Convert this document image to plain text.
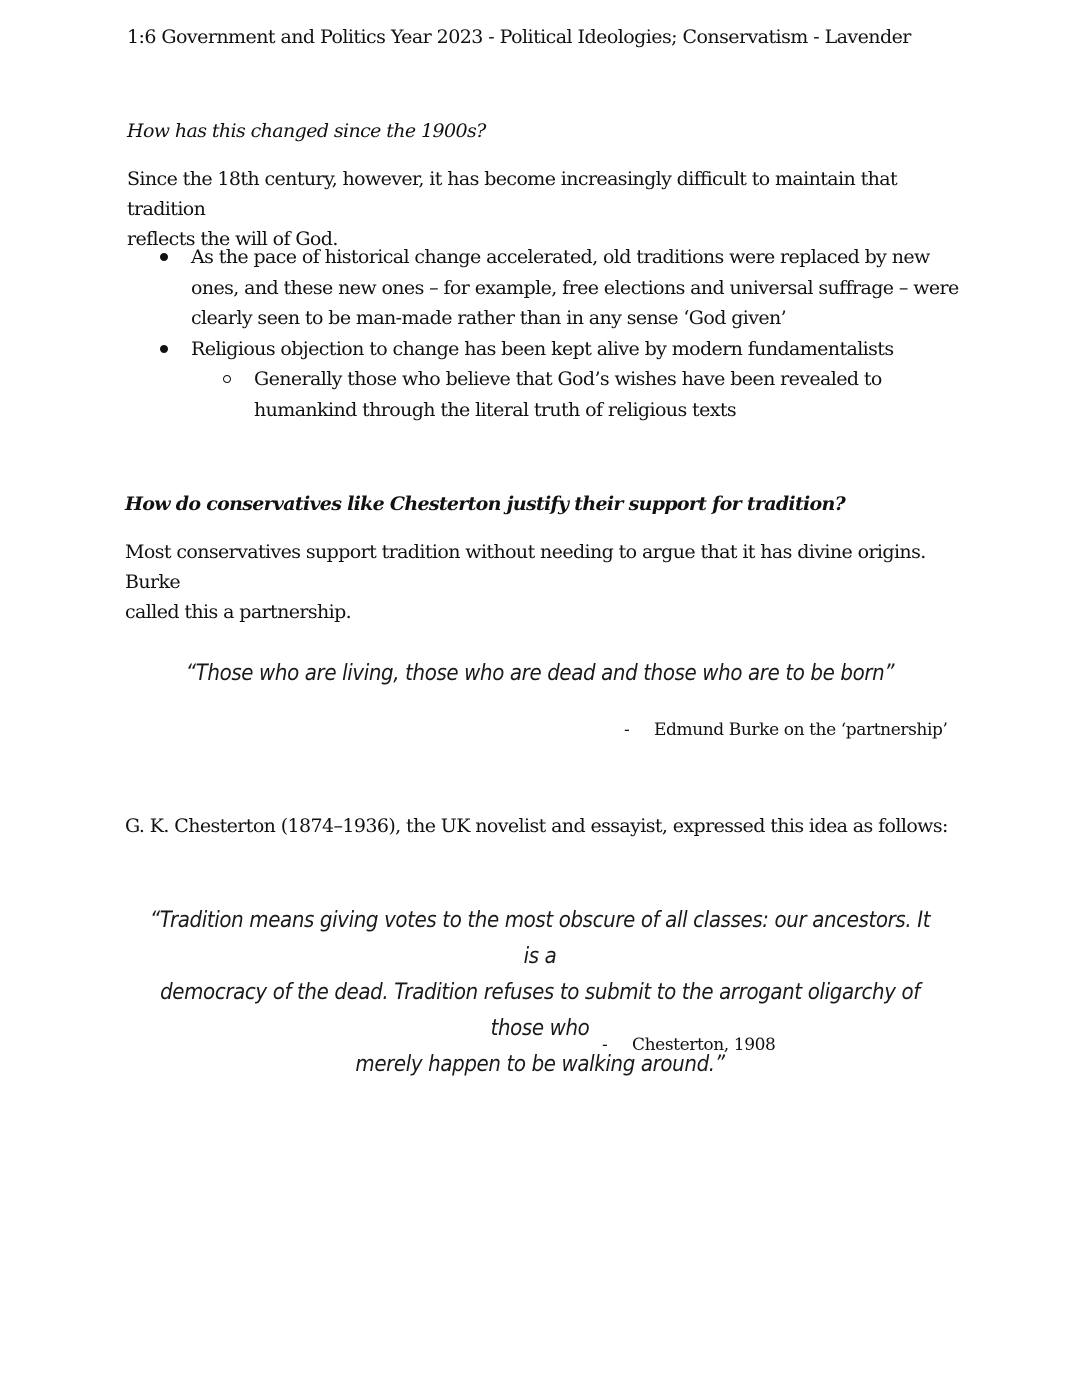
1:6 Government and Politics Year 2023 - Political Ideologies; Conservatism - Lavender
How has this changed since the 1900s?
Since the 18th century, however, it has become increasingly difficult to maintain that tradition
reflects the will of God.
As the pace of historical change accelerated, old traditions were replaced by new ones, and these new ones – for example, free elections and universal suffrage – were clearly seen to be man-made rather than in any sense ‘God given’
Religious objection to change has been kept alive by modern fundamentalists
Generally those who believe that God’s wishes have been revealed to humankind through the literal truth of religious texts
How do conservatives like Chesterton justify their support for tradition?
Most conservatives support tradition without needing to argue that it has divine origins. Burke
called this a partnership.
“Those who are living, those who are dead and those who are to be born”
- Edmund Burke on the ‘partnership’
G. K. Chesterton (1874–1936), the UK novelist and essayist, expressed this idea as follows:
“Tradition means giving votes to the most obscure of all classes: our ancestors. It is a
democracy of the dead. Tradition refuses to submit to the arrogant oligarchy of those who
merely happen to be walking around.”
- Chesterton, 1908
